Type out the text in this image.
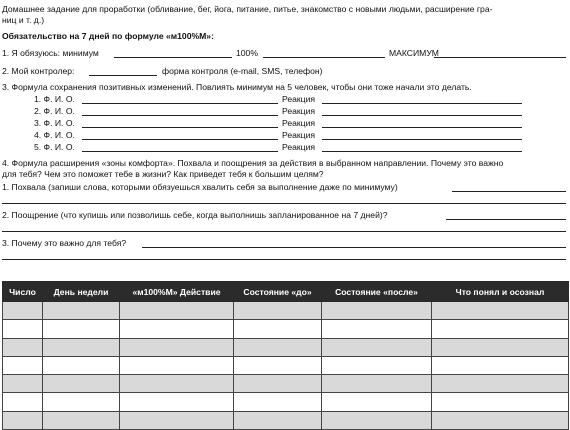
Домашнее задание для проработки (обливание, бег, йога, питание, питье, знакомство с новыми людьми, расширение гра-
ниц и т. д.)
Обязательство на 7 дней по формуле «м100%М»:
1. Я обязуюсь: минимум	100%	МАКСИМУМ
2. Мой контролер:	форма контроля (e-mail, SMS, телефон)
3. Формула сохранения позитивных изменений. Повлиять минимум на 5 человек, чтобы они тоже начали это делать.
1. Ф. И. О.	Реакция
2. Ф. И. О.	Реакция
3. Ф. И. О.	Реакция
4. Ф. И. О.	Реакция
5. Ф. И. О.	Реакция
4. Формула расширения «зоны комфорта». Похвала и поощрения за действия в выбранном направлении. Почему это важно
для тебя? Чем это поможет тебе в жизни? Как приведет тебя к большим целям?
1. Похвала (запиши слова, которыми обязуешься хвалить себя за выполнение даже по минимуму)
2. Поощрение (что купишь или позволишь себе, когда выполнишь запланированное на 7 дней)?
3. Почему это важно для тебя?
Число	День недели	«м100%М» Действие	Состояние «до»	Состояние «после»	Что понял и осознал
